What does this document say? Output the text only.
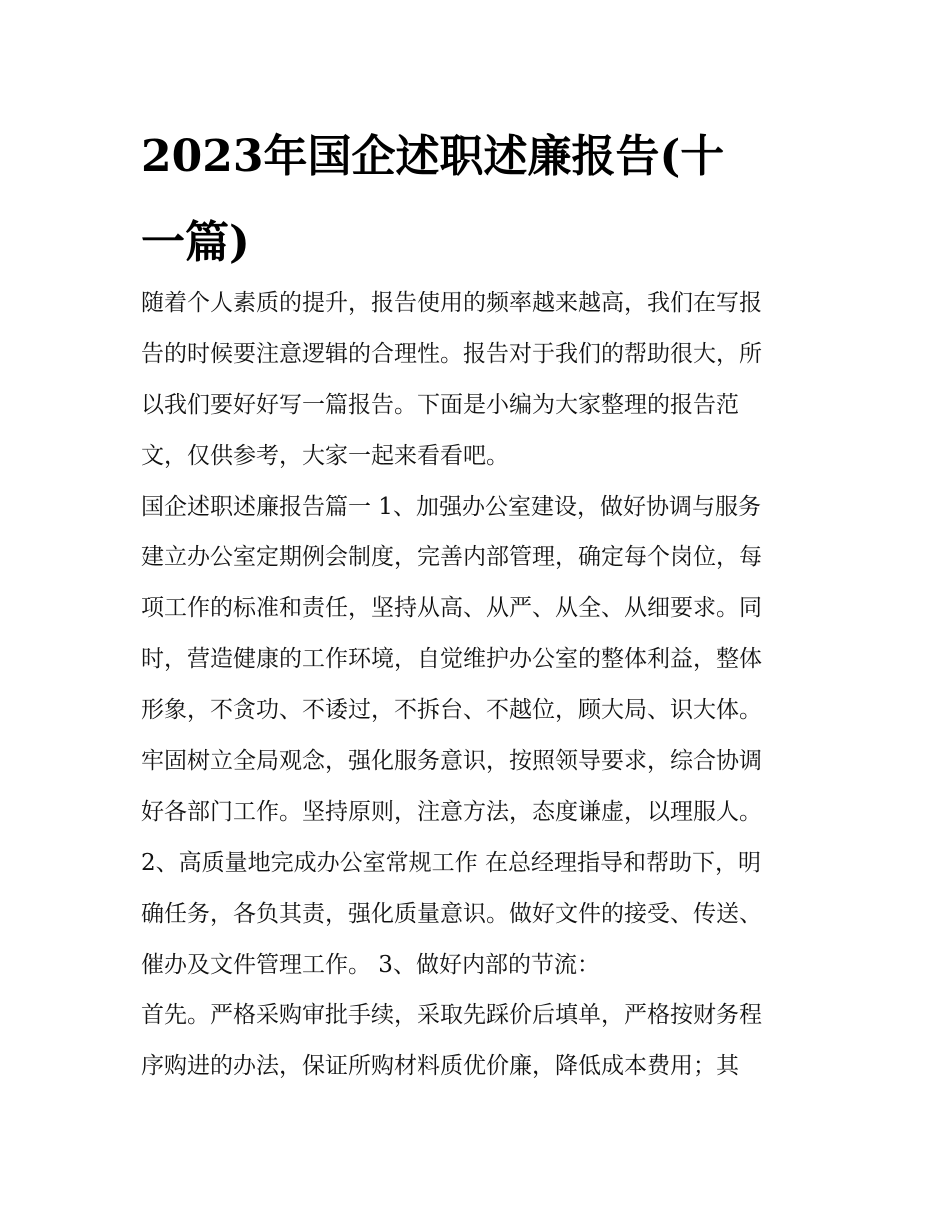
2023年国企述职述廉报告(十
一篇)
随着个人素质的提升，报告使用的频率越来越高，我们在写报
告的时候要注意逻辑的合理性。报告对于我们的帮助很大，所
以我们要好好写一篇报告。下面是小编为大家整理的报告范
文，仅供参考，大家一起来看看吧。
国企述职述廉报告篇一 1、加强办公室建设，做好协调与服务
建立办公室定期例会制度，完善内部管理，确定每个岗位，每
项工作的标准和责任，坚持从高、从严、从全、从细要求。同
时，营造健康的工作环境，自觉维护办公室的整体利益，整体
形象，不贪功、不诿过，不拆台、不越位，顾大局、识大体。
牢固树立全局观念，强化服务意识，按照领导要求，综合协调
好各部门工作。坚持原则，注意方法，态度谦虚，以理服人。
2、高质量地完成办公室常规工作 在总经理指导和帮助下，明
确任务，各负其责，强化质量意识。做好文件的接受、传送、
催办及文件管理工作。 3、做好内部的节流：
首先。严格采购审批手续，采取先踩价后填单，严格按财务程
序购进的办法，保证所购材料质优价廉，降低成本费用；其
